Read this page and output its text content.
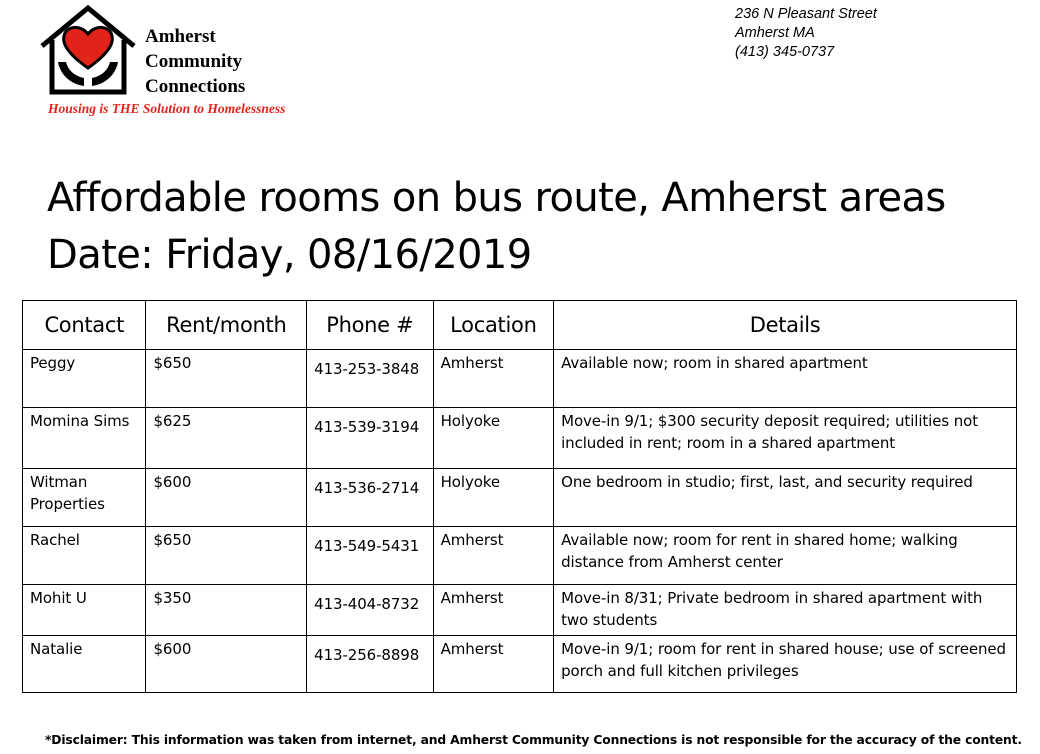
Amherst
Community
Connections
Housing is THE Solution to Homelessness
236 N Pleasant Street
Amherst MA
(413) 345-0737
Affordable rooms on bus route, Amherst areas
Date: Friday, 08/16/2019
Contact	Rent/month	Phone #	Location	Details
Peggy	$650	413-253-3848	Amherst	Available now; room in shared apartment
Momina Sims	$625	413-539-3194	Holyoke	Move-in 9/1; $300 security deposit required; utilities not included in rent; room in a shared apartment
Witman Properties	$600	413-536-2714	Holyoke	One bedroom in studio; first, last, and security required
Rachel	$650	413-549-5431	Amherst	Available now; room for rent in shared home; walking distance from Amherst center
Mohit U	$350	413-404-8732	Amherst	Move-in 8/31; Private bedroom in shared apartment with two students
Natalie	$600	413-256-8898	Amherst	Move-in 9/1; room for rent in shared house; use of screened porch and full kitchen privileges
*Disclaimer: This information was taken from internet, and Amherst Community Connections is not responsible for the accuracy of the content.
